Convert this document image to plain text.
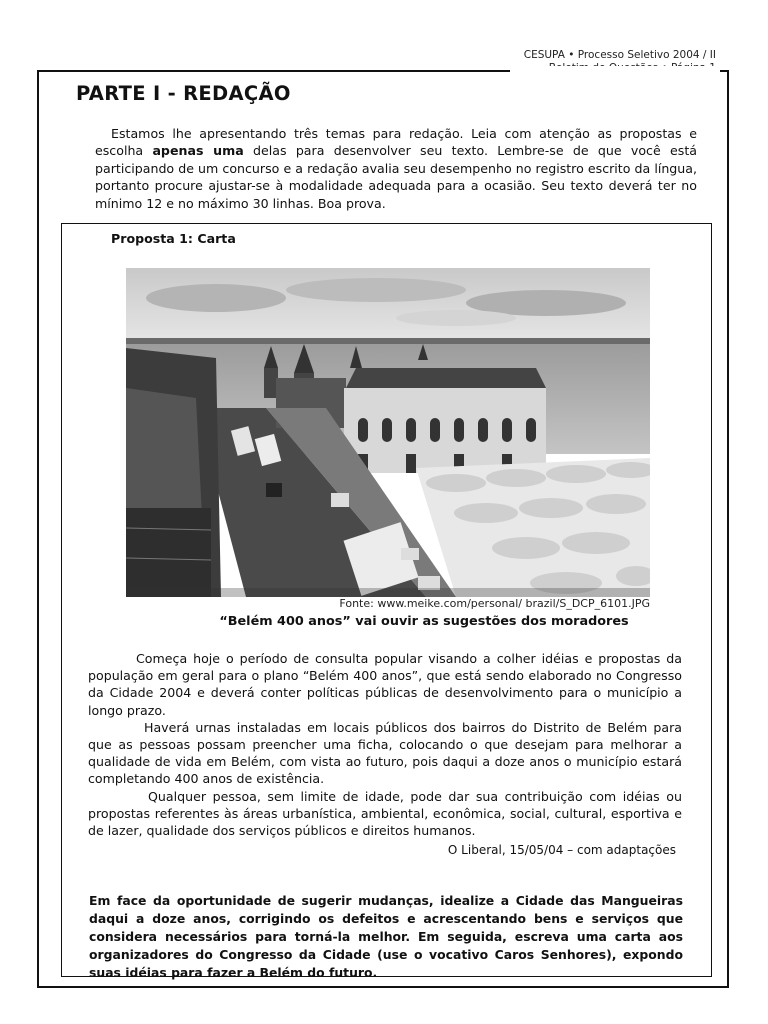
CESUPA • Processo Seletivo 2004 / II
PARTE I - REDAÇÃO
Estamos lhe apresentando três temas para redação. Leia com atenção as propostas e escolha apenas uma delas para desenvolver seu texto. Lembre-se de que você está participando de um concurso e a redação avalia seu desempenho no registro escrito da língua, portanto procure ajustar-se à modalidade adequada para a ocasião. Seu texto deverá ter no mínimo 12 e no máximo 30 linhas. Boa prova.
Proposta 1: Carta
Fonte: www.meike.com/personal/ brazil/S_DCP_6101.JPG
“Belém 400 anos” vai ouvir as sugestões dos moradores

Começa hoje o período de consulta popular visando a colher idéias e propostas da população em geral para o plano “Belém 400 anos”, que está sendo elaborado no Congresso da Cidade 2004 e deverá conter políticas públicas de desenvolvimento para o município a longo prazo.

Haverá urnas instaladas em locais públicos dos bairros do Distrito de Belém para que as pessoas possam preencher uma ficha, colocando o que desejam para melhorar a qualidade de vida em Belém, com vista ao futuro, pois daqui a doze anos o município estará completando 400 anos de existência.

Qualquer pessoa, sem limite de idade, pode dar sua contribuição com idéias ou propostas referentes às áreas urbanística, ambiental, econômica, social, cultural, esportiva e de lazer, qualidade dos serviços públicos e direitos humanos.

O Liberal, 15/05/04 – com adaptações
Em face da oportunidade de sugerir mudanças, idealize a Cidade das Mangueiras daqui a doze anos, corrigindo os defeitos e acrescentando bens e serviços que considera necessários para torná-la melhor. Em seguida, escreva uma carta aos organizadores do Congresso da Cidade (use o vocativo Caros Senhores), expondo suas idéias para fazer a Belém do futuro.
